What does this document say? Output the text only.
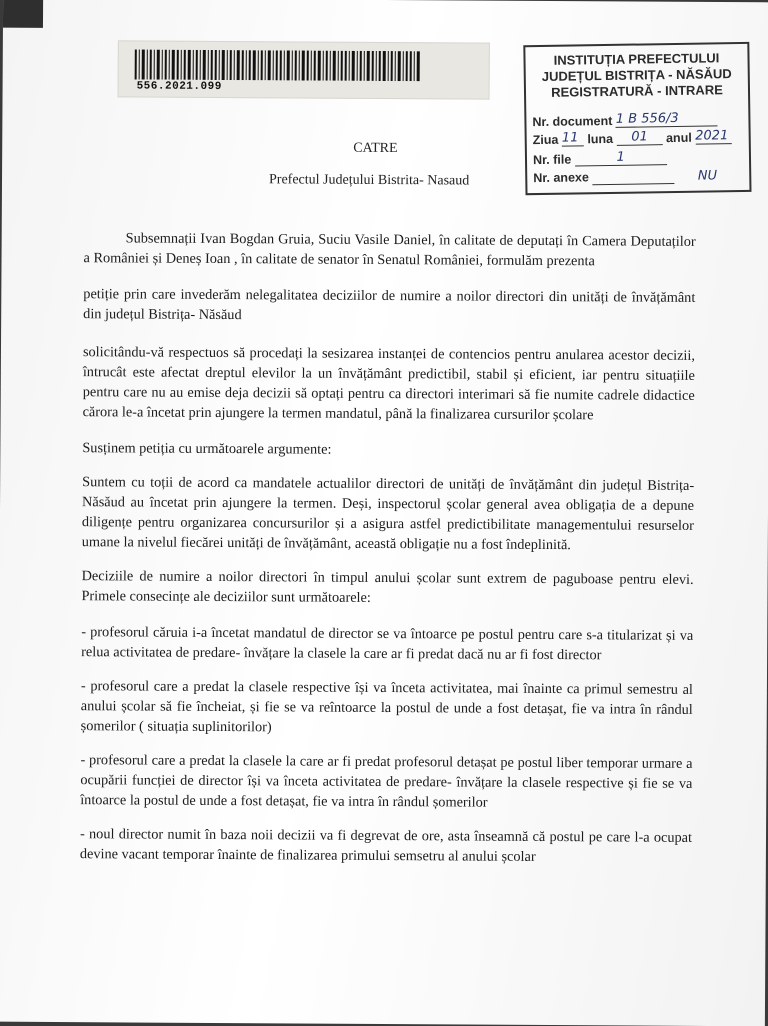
556.2021.099
INSTITUȚIA PREFECTULUI
JUDEȚUL BISTRIȚA - NĂSĂUD
REGISTRATURĂ - INTRARE
Nr. document 1 B 556/3
Ziua 11 luna 01 anul 2021
Nr. file	1
Nr. anexe	NU
CATRE
Prefectul Județului Bistrita- Nasaud

Subsemnații Ivan Bogdan Gruia, Suciu Vasile Daniel, în calitate de deputați în Camera Deputaților a României și Deneș Ioan , în calitate de senator în Senatul României, formulăm prezenta

petiție prin care invederăm nelegalitatea deciziilor de numire a noilor directori din unități de învățământ din județul Bistrița- Năsăud

solicitându-vă respectuos să procedați la sesizarea instanței de contencios pentru anularea acestor decizii, întrucât este afectat dreptul elevilor la un învățământ predictibil, stabil și eficient, iar pentru situațiile pentru care nu au emise deja decizii să optați pentru ca directori interimari să fie numite cadrele didactice cărora le-a încetat prin ajungere la termen mandatul, până la finalizarea cursurilor școlare

Susținem petiția cu următoarele argumente:

Suntem cu toții de acord ca mandatele actualilor directori de unități de învățământ din județul Bistrița- Năsăud au încetat prin ajungere la termen. Deși, inspectorul școlar general avea obligația de a depune diligențe pentru organizarea concursurilor și a asigura astfel predictibilitate managementului resurselor umane la nivelul fiecărei unități de învățământ, această obligație nu a fost îndeplinită.

Deciziile de numire a noilor directori în timpul anului școlar sunt extrem de paguboase pentru elevi. Primele consecințe ale deciziilor sunt următoarele:

- profesorul căruia i-a încetat mandatul de director se va întoarce pe postul pentru care s-a titularizat și va relua activitatea de predare- învățare la clasele la care ar fi predat dacă nu ar fi fost director

- profesorul care a predat la clasele respective își va înceta activitatea, mai înainte ca primul semestru al anului școlar să fie încheiat, și fie se va reîntoarce la postul de unde a fost detașat, fie va intra în rândul șomerilor ( situația suplinitorilor)

- profesorul care a predat la clasele la care ar fi predat profesorul detașat pe postul liber temporar urmare a ocupării funcției de director își va înceta activitatea de predare- învățare la clasele respective și fie se va întoarce la postul de unde a fost detașat, fie va intra în rândul șomerilor

- noul director numit în baza noii decizii va fi degrevat de ore, asta înseamnă că postul pe care l-a ocupat devine vacant temporar înainte de finalizarea primului semsetru al anului școlar
